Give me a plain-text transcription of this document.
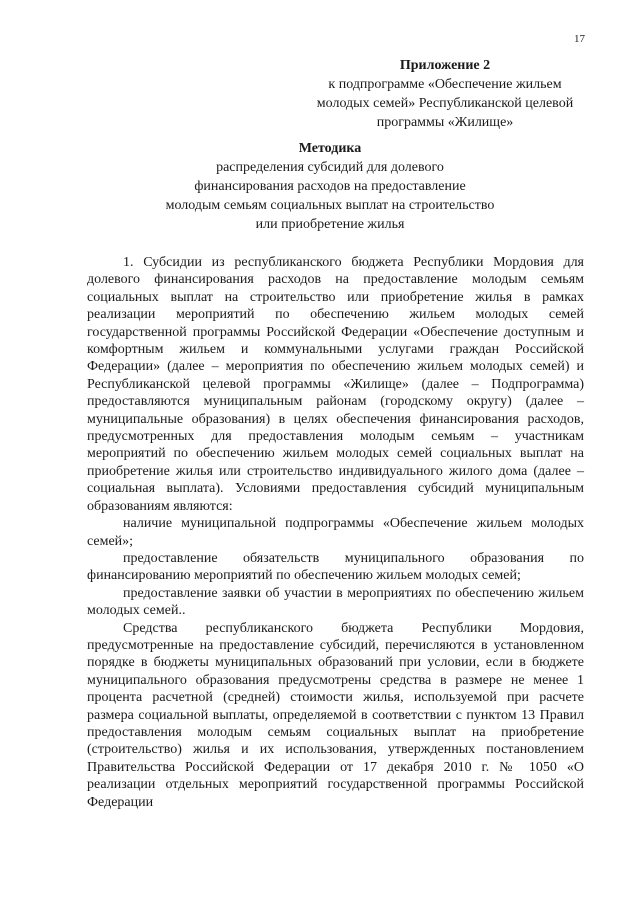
17
Приложение 2
к подпрограмме «Обеспечение жильем
молодых семей» Республиканской целевой
программы «Жилище»
Методика
распределения субсидий для долевого
финансирования расходов на предоставление
молодым семьям социальных выплат на строительство
или приобретение жилья

1. Субсидии из республиканского бюджета Республики Мордовия для долевого финансирования расходов на предоставление молодым семьям социальных выплат на строительство или приобретение жилья в рамках реализации мероприятий по обеспечению жильем молодых семей государственной программы Российской Федерации «Обеспечение доступным и комфортным жильем и коммунальными услугами граждан Российской Федерации» (далее – мероприятия по обеспечению жильем молодых семей) и Республиканской целевой программы «Жилище» (далее – Подпрограмма) предоставляются муниципальным районам (городскому округу) (далее – муниципальные образования) в целях обеспечения финансирования расходов, предусмотренных для предоставления молодым семьям – участникам мероприятий по обеспечению жильем молодых семей социальных выплат на приобретение жилья или строительство индивидуального жилого дома (далее – социальная выплата). Условиями предоставления субсидий муниципальным образованиям являются:

наличие муниципальной подпрограммы «Обеспечение жильем молодых семей»;

предоставление обязательств муниципального образования по финансированию мероприятий по обеспечению жильем молодых семей;

предоставление заявки об участии в мероприятиях по обеспечению жильем молодых семей..

Средства республиканского бюджета Республики Мордовия, предусмотренные на предоставление субсидий, перечисляются в установленном порядке в бюджеты муниципальных образований при условии, если в бюджете муниципального образования предусмотрены средства в размере не менее 1 процента расчетной (средней) стоимости жилья, используемой при расчете размера социальной выплаты, определяемой в соответствии с пунктом 13 Правил предоставления молодым семьям социальных выплат на приобретение (строительство) жилья и их использования, утвержденных постановлением Правительства Российской Федерации от 17 декабря 2010 г. № 1050 «О реализации отдельных мероприятий государственной программы Российской Федерации
